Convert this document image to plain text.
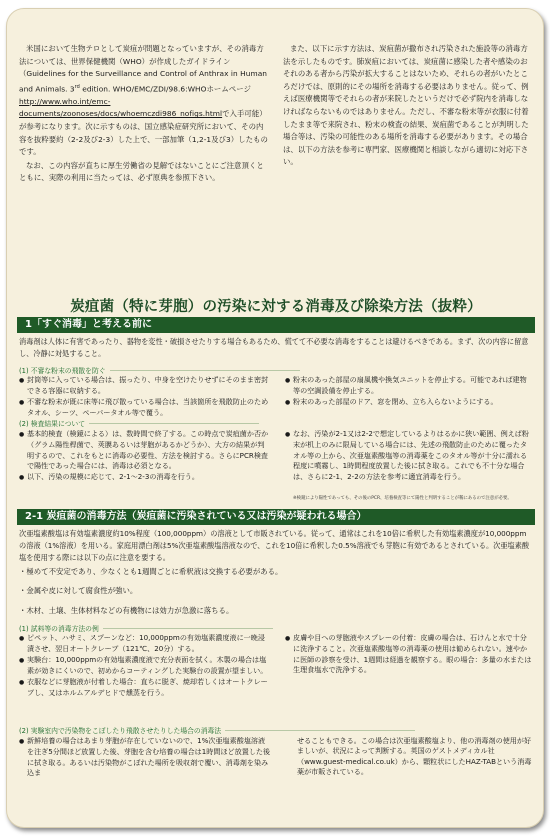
米国において生物テロとして炭疽が問題となっていますが、その消毒方法については、世界保健機関（WHO）が作成したガイドライン（Guidelines for the Surveillance and Control of Anthrax in Human and Animals. 3rd edition. WHO/EMC/ZDI/98.6:WHOホームページhttp://www.who.int/emc-documents/zoonoses/docs/whoemczdi986_nofigs.htmlで入手可能）が参考になります。次に示すものは、国立感染症研究所において、その内容を抜粋要約（2-2及び2-3）した上で、一部加筆（1,2-1及び3）したものです。

なお、この内容が直ちに厚生労働省の見解ではないことにご注意頂くとともに、実際の利用に当たっては、必ず原典を参照下さい。

また、以下に示す方法は、炭疽菌が撒布され汚染された施設等の消毒方法を示したものです。肺炭疽においては、炭疽菌に感染した者や感染のおそれのある者から汚染が拡大することはないため、それらの者がいたところだけでは、原則的にその場所を消毒する必要はありません。従って、例えば医療機関等でそれらの者が来院したというだけで必ず院内を消毒しなければならないものではありません。ただし、不審な粉末等が衣服に付着したまま等で来院され、粉末の検査の結果、炭疽菌であることが判明した場合等は、汚染の可能性のある場所を消毒する必要があります。その場合は、以下の方法を参考に専門家、医療機関と相談しながら適切に対応下さい。

炭疽菌（特に芽胞）の汚染に対する消毒及び除染方法（抜粋）
1「すぐ消毒」と考える前に
消毒剤は人体に有害であったり、器物を変性・破損させたりする場合もあるため、慌てて不必要な消毒をすることは避けるべきである。まず、次の内容に留意し、冷静に対処すること。
(1) 不審な粉末の飛散を防ぐ
● 封筒等に入っている場合は、振ったり、中身を空けたりせずにそのまま密封できる容器に収納する。
● 不審な粉末が既に床等に飛び散っている場合は、当該箇所を飛散防止のためタオル、シーツ、ペーパータオル等で覆う。
● 粉末のあった部屋の扇風機や換気ユニットを停止する。可能であれば建物等の空調設備を停止する。
● 粉末のあった部屋のドア、窓を閉め、立ち入らないようにする。
(2) 検査結果について
● 基本的検査（検鏡による）は、数時間で終了する。この時点で炭疽菌か否か（グラム陽性桿菌で、莢膜あるいは芽胞があるかどうか）、大方の結果が判明するので、これをもとに消毒の必要性、方法を検討する。さらにPCR検査で陽性であった場合には、消毒は必須となる。
● 以下、汚染の規模に応じて、2-1～2-3の消毒を行う。
● なお、汚染が2-1又は2-2で想定しているよりはるかに狭い範囲、例えば粉末が机上のみに限局している場合には、先述の飛散防止のために覆ったタオル等の上から、次亜塩素酸塩等の消毒薬をこのタオル等が十分に濡れる程度に噴霧し、1時間程度放置した後に拭き取る。これでも不十分な場合は、さらに2-1、2-2の方法を参考に適宜消毒を行う。
※検鏡により陽性であっても、その後のPCR、培養検査等にて陽性と判明することが稀にあるので注意が必要。
2-1 炭疽菌の消毒方法（炭疽菌に汚染されている又は汚染が疑われる場合）
次亜塩素酸塩は有効塩素濃度約10%程度（100,000ppm）の溶液として市販されている。従って、通常はこれを10倍に希釈した有効塩素濃度が10,000ppm の溶液（1%溶液）を用いる。家庭用漂白剤は5%次亜塩素酸塩溶液なので、これを10倍に希釈した0.5%溶液でも芽胞に有効であるとされている。次亜塩素酸塩を使用する際には以下の点に注意を要する。
・極めて不安定であり、少なくとも1週間ごとに希釈液は交換する必要がある。
・金属や皮に対して腐食性が強い。
・木材、土壌、生体材料などの有機物には効力が急激に落ちる。
(1) 試料等の消毒方法の例
● ピペット、ハサミ、スプーンなど：10,000ppmの有効塩素濃度液に一晩浸漬させ、翌日オートクレーブ（121℃、20分）する。
● 実験台：10,000ppmの有効塩素濃度液で充分表面を拭く。木製の場合は塩素が効きにくいので、初めからコーティングした実験台の設置が望ましい。
● 衣服などに芽胞液が付着した場合：直ちに脱ぎ、焼却若しくはオートクレーブし、又はホルムアルデヒドで燻蒸を行う。
● 皮膚や目への芽胞液やスプレーの付着：皮膚の場合は、石けんと水で十分に洗浄すること。次亜塩素酸塩等の消毒薬の使用は勧められない。速やかに医師の診察を受け、1週間は経過を観察する。眼の場合：多量の水または生理食塩水で洗浄する。
(2) 実験室内で汚染物をこぼしたり飛散させたりした場合の消毒法
● 新鮮培養の場合はあまり芽胞が存在していないので、1%次亜塩素酸塩溶液を注ぎ5分間ほど放置した後、芽胞を含む培養の場合は1時間ほど放置した後に拭き取る。あるいは汚染物がこぼれた場所を吸収剤で覆い、消毒剤を染み込ま
せることもできる。この場合は次亜塩素酸塩より、他の消毒剤の使用が好ましいが、状況によって判断する。英国のゲストメディカル社（www.guest-medical.co.uk）から、顆粒状にしたHAZ-TABという消毒薬が市販されている。
